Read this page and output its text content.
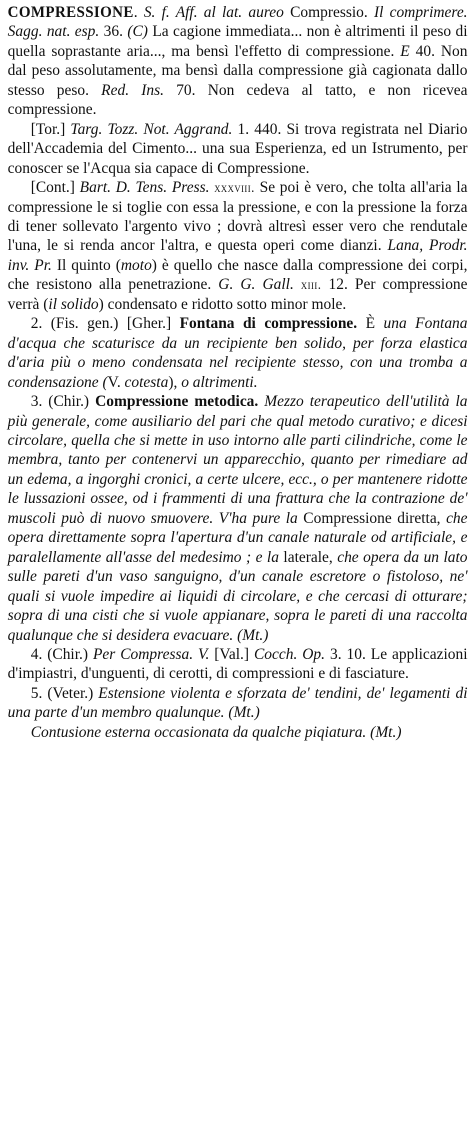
COMPRESSIONE. S. f. Aff. al lat. aureo Compressio. Il comprimere. Sagg. nat. esp. 36. (C) La cagione immediata... non è altrimenti il peso di quella soprastante aria..., ma bensì l'effetto di compressione. E 40. Non dal peso assolutamente, ma bensì dalla compressione già cagionata dallo stesso peso. Red. Ins. 70. Non cedeva al tatto, e non ricevea compressione.

[Tor.] Targ. Tozz. Not. Aggrand. 1. 440. Si trova registrata nel Diario dell'Accademia del Cimento... una sua Esperienza, ed un Istrumento, per conoscer se l'Acqua sia capace di Compressione.

[Cont.] Bart. D. Tens. Press. xxxviii. Se poi è vero, che tolta all'aria la compressione le si toglie con essa la pressione, e con la pressione la forza di tener sollevato l'argento vivo ; dovrà altresì esser vero che rendutale l'una, le si renda ancor l'altra, e questa operi come dianzi. Lana, Prodr. inv. Pr. Il quinto (moto) è quello che nasce dalla compressione dei corpi, che resistono alla penetrazione. G. G. Gall. xiii. 12. Per compressione verrà (il solido) condensato e ridotto sotto minor mole.

2. (Fis. gen.) [Gher.] Fontana di compressione. È una Fontana d'acqua che scaturisce da un recipiente ben solido, per forza elastica d'aria più o meno condensata nel recipiente stesso, con una tromba a condensazione (V. cotesta), o altrimenti.

3. (Chir.) Compressione metodica. Mezzo terapeutico dell'utilità la più generale, come ausiliario del pari che qual metodo curativo; e dicesi circolare, quella che si mette in uso intorno alle parti cilindriche, come le membra, tanto per contenervi un apparecchio, quanto per rimediare ad un edema, a ingorghi cronici, a certe ulcere, ecc., o per mantenere ridotte le lussazioni ossee, od i frammenti di una frattura che la contrazione de' muscoli può di nuovo smuovere. V'ha pure la Compressione diretta, che opera direttamente sopra l'apertura d'un canale naturale od artificiale, e paralellamente all'asse del medesimo ; e la laterale, che opera da un lato sulle pareti d'un vaso sanguigno, d'un canale escretore o fistoloso, ne' quali si vuole impedire ai liquidi di circolare, e che cercasi di otturare; sopra di una cisti che si vuole appianare, sopra le pareti di una raccolta qualunque che si desidera evacuare. (Mt.)

4. (Chir.) Per Compressa. V. [Val.] Cocch. Op. 3. 10. Le applicazioni d'impiastri, d'unguenti, di cerotti, di compressioni e di fasciature.

5. (Veter.) Estensione violenta e sforzata de' tendini, de' legamenti di una parte d'un membro qualunque. (Mt.)

Contusione esterna occasionata da qualche piqiatura. (Mt.)
